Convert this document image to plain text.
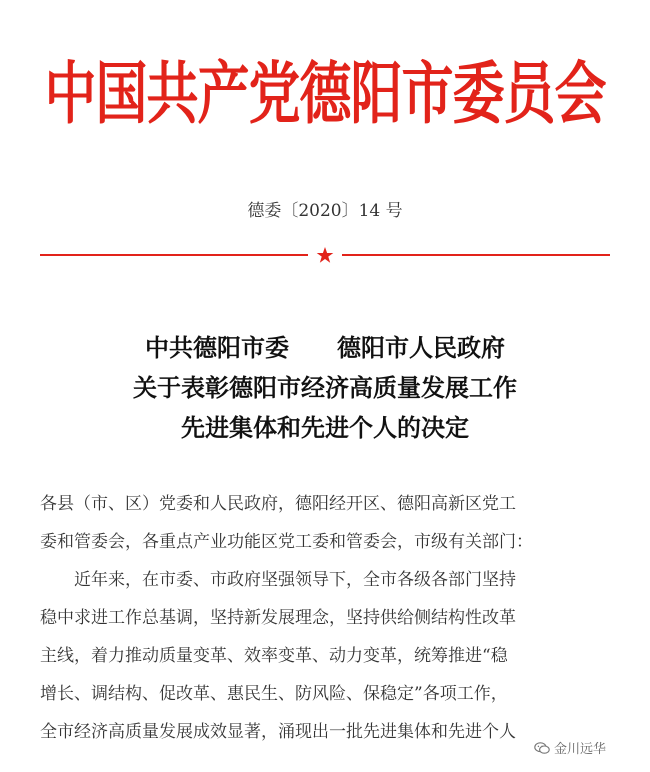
中国共产党德阳市委员会
德委〔2020〕14 号
中共德阳市委　　德阳市人民政府
关于表彰德阳市经济高质量发展工作
先进集体和先进个人的决定

各县（市、区）党委和人民政府，德阳经开区、德阳高新区党工

委和管委会，各重点产业功能区党工委和管委会，市级有关部门：

近年来，在市委、市政府坚强领导下，全市各级各部门坚持

稳中求进工作总基调，坚持新发展理念，坚持供给侧结构性改革

主线，着力推动质量变革、效率变革、动力变革，统筹推进“稳

增长、调结构、促改革、惠民生、防风险、保稳定”各项工作，

全市经济高质量发展成效显著，涌现出一批先进集体和先进个人

金川远华
